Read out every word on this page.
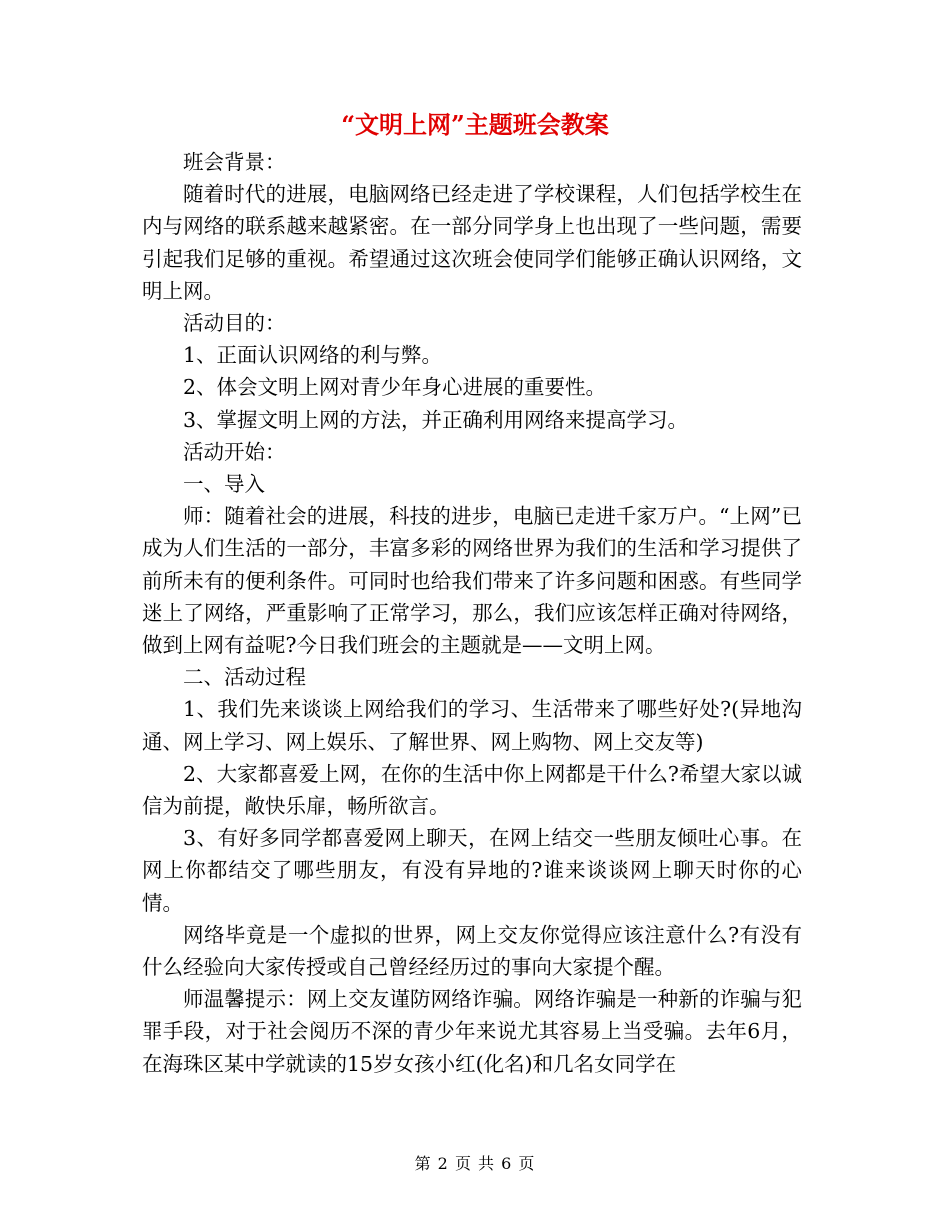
“文明上网”主题班会教案

班会背景：

随着时代的进展，电脑网络已经走进了学校课程，人们包括学校生在内与网络的联系越来越紧密。在一部分同学身上也出现了一些问题，需要引起我们足够的重视。希望通过这次班会使同学们能够正确认识网络，文明上网。

活动目的：

1、正面认识网络的利与弊。

2、体会文明上网对青少年身心进展的重要性。

3、掌握文明上网的方法，并正确利用网络来提高学习。

活动开始：

一、导入

师：随着社会的进展，科技的进步，电脑已走进千家万户。“上网”已成为人们生活的一部分，丰富多彩的网络世界为我们的生活和学习提供了前所未有的便利条件。可同时也给我们带来了许多问题和困惑。有些同学迷上了网络，严重影响了正常学习，那么，我们应该怎样正确对待网络，做到上网有益呢?今日我们班会的主题就是——文明上网。

二、活动过程

1、我们先来谈谈上网给我们的学习、生活带来了哪些好处?(异地沟通、网上学习、网上娱乐、了解世界、网上购物、网上交友等)

2、大家都喜爱上网，在你的生活中你上网都是干什么?希望大家以诚信为前提，敞快乐扉，畅所欲言。

3、有好多同学都喜爱网上聊天，在网上结交一些朋友倾吐心事。在网上你都结交了哪些朋友，有没有异地的?谁来谈谈网上聊天时你的心情。

网络毕竟是一个虚拟的世界，网上交友你觉得应该注意什么?有没有什么经验向大家传授或自己曾经经历过的事向大家提个醒。

师温馨提示：网上交友谨防网络诈骗。网络诈骗是一种新的诈骗与犯罪手段，对于社会阅历不深的青少年来说尤其容易上当受骗。去年6月，在海珠区某中学就读的15岁女孩小红(化名)和几名女同学在

第 2 页 共 6 页
